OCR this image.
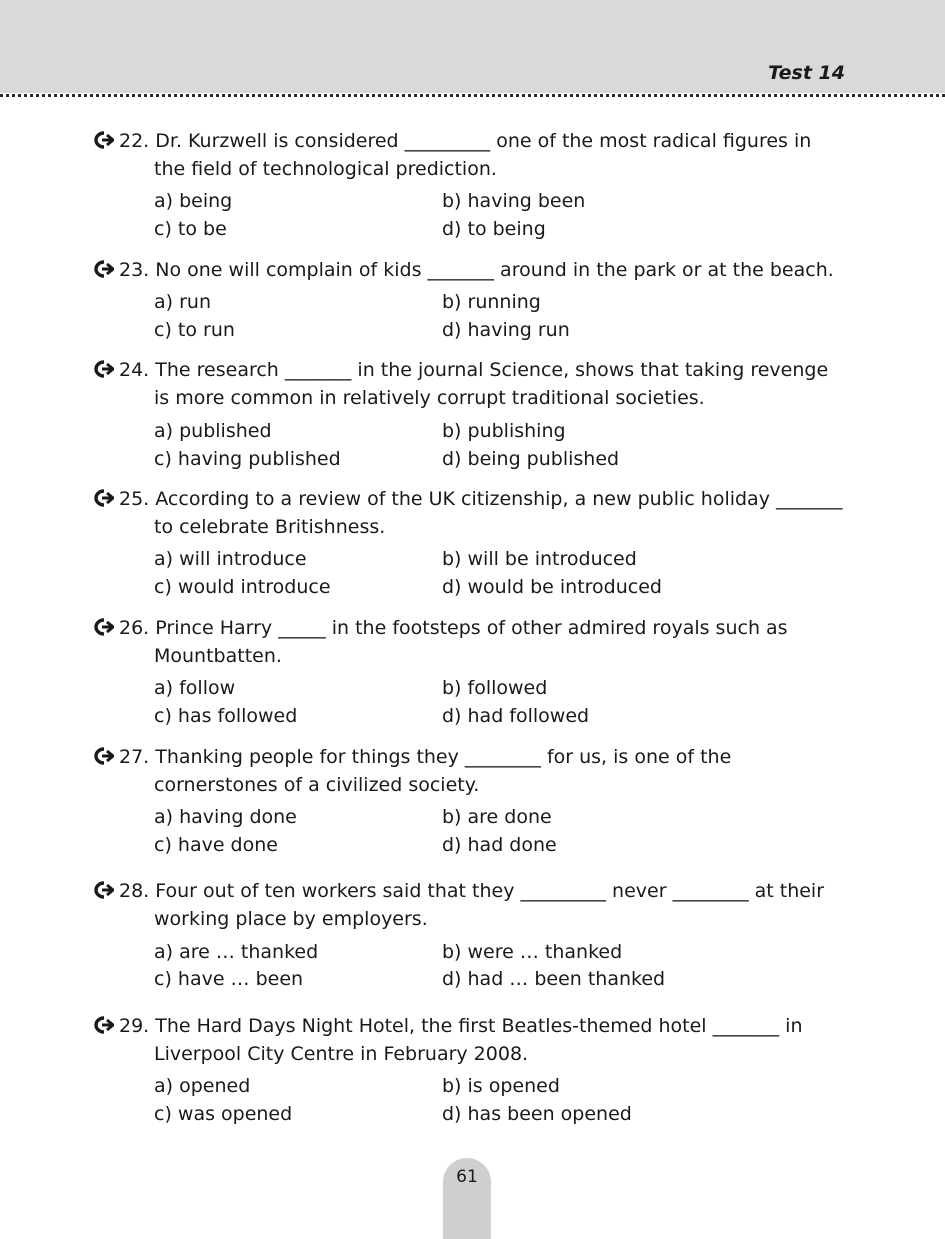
Test 14
22. Dr. Kurzwell is considered _________ one of the most radical figures in
the field of technological prediction.
a) being	b) having been
c) to be	d) to being
23. No one will complain of kids _______ around in the park or at the beach.
a) run	b) running
c) to run	d) having run
24. The research _______ in the journal Science, shows that taking revenge
is more common in relatively corrupt traditional societies.
a) published	b) publishing
c) having published	d) being published
25. According to a review of the UK citizenship, a new public holiday _______
to celebrate Britishness.
a) will introduce	b) will be introduced
c) would introduce	d) would be introduced
26. Prince Harry _____ in the footsteps of other admired royals such as
Mountbatten.
a) follow	b) followed
c) has followed	d) had followed
27. Thanking people for things they ________ for us, is one of the
cornerstones of a civilized society.
a) having done	b) are done
c) have done	d) had done
28. Four out of ten workers said that they _________ never ________ at their
working place by employers.
a) are … thanked	b) were … thanked
c) have … been	d) had … been thanked
29. The Hard Days Night Hotel, the first Beatles-themed hotel _______ in
Liverpool City Centre in February 2008.
a) opened	b) is opened
c) was opened	d) has been opened
61
